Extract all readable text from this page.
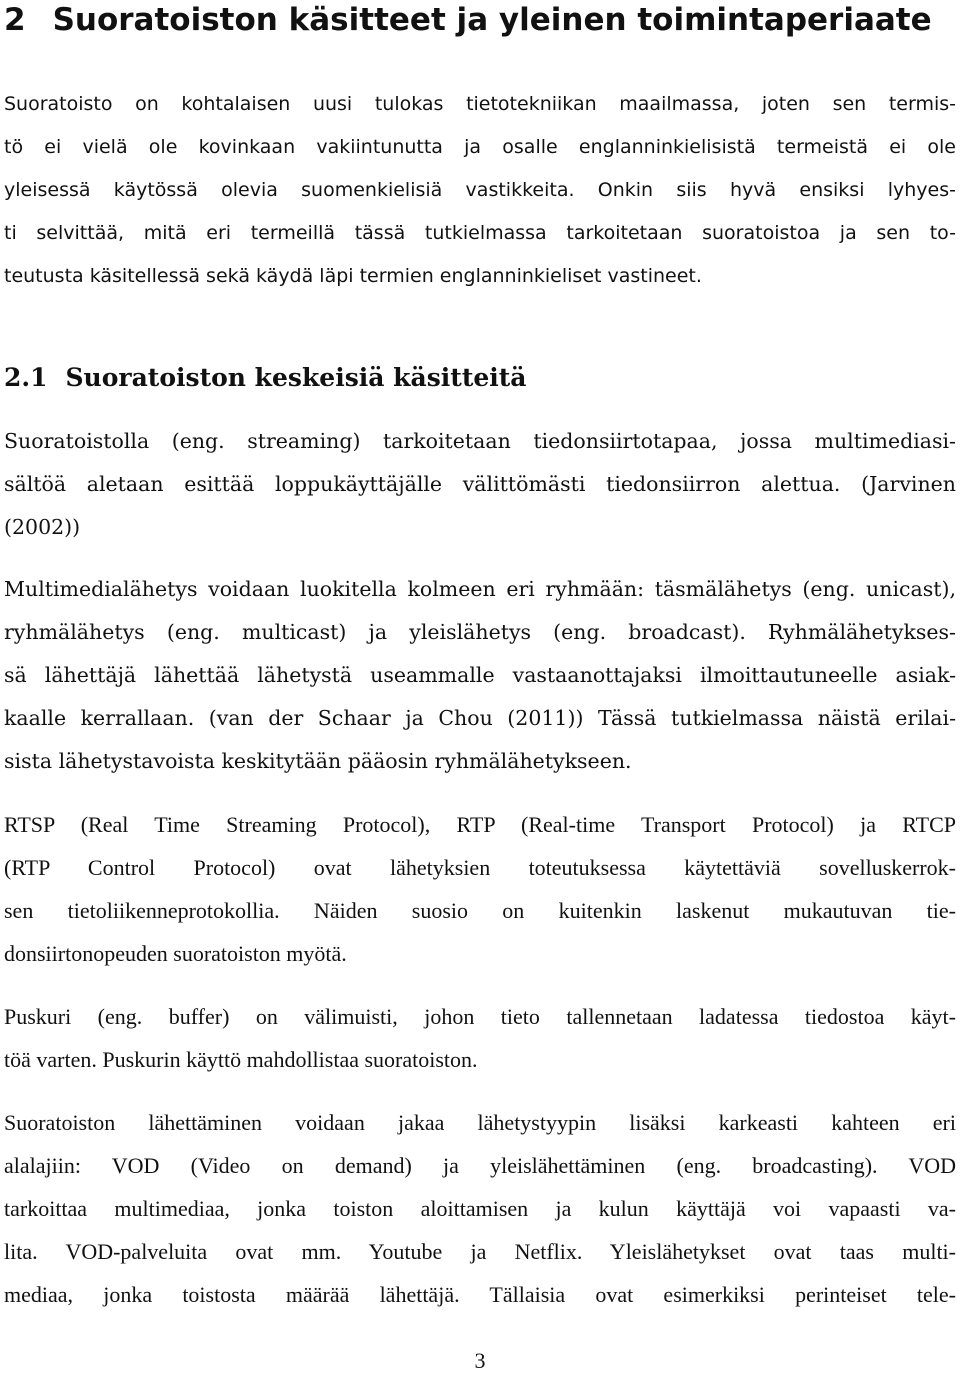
2 Suoratoiston käsitteet ja yleinen toimintaperiaate
Suoratoisto on kohtalaisen uusi tulokas tietotekniikan maailmassa, joten sen termis-
tö ei vielä ole kovinkaan vakiintunutta ja osalle englanninkielisistä termeistä ei ole
yleisessä käytössä olevia suomenkielisiä vastikkeita. Onkin siis hyvä ensiksi lyhyes-
ti selvittää, mitä eri termeillä tässä tutkielmassa tarkoitetaan suoratoistoa ja sen to-
teutusta käsitellessä sekä käydä läpi termien englanninkieliset vastineet.
2.1 Suoratoiston keskeisiä käsitteitä
Suoratoistolla (eng. streaming) tarkoitetaan tiedonsiirtotapaa, jossa multimediasi-
sältöä aletaan esittää loppukäyttäjälle välittömästi tiedonsiirron alettua. (Jarvinen
(2002))
Multimedialähetys voidaan luokitella kolmeen eri ryhmään: täsmälähetys (eng. unicast),
ryhmälähetys (eng. multicast) ja yleislähetys (eng. broadcast). Ryhmälähetykses-
sä lähettäjä lähettää lähetystä useammalle vastaanottajaksi ilmoittautuneelle asiak-
kaalle kerrallaan. (van der Schaar ja Chou (2011)) Tässä tutkielmassa näistä erilai-
sista lähetystavoista keskitytään pääosin ryhmälähetykseen.
RTSP (Real Time Streaming Protocol), RTP (Real-time Transport Protocol) ja RTCP
(RTP Control Protocol) ovat lähetyksien toteutuksessa käytettäviä sovelluskerrok-
sen tietoliikenneprotokollia. Näiden suosio on kuitenkin laskenut mukautuvan tie-
donsiirtonopeuden suoratoiston myötä.
Puskuri (eng. buffer) on välimuisti, johon tieto tallennetaan ladatessa tiedostoa käyt-
töä varten. Puskurin käyttö mahdollistaa suoratoiston.
Suoratoiston lähettäminen voidaan jakaa lähetystyypin lisäksi karkeasti kahteen eri
alalajiin: VOD (Video on demand) ja yleislähettäminen (eng. broadcasting). VOD
tarkoittaa multimediaa, jonka toiston aloittamisen ja kulun käyttäjä voi vapaasti va-
lita. VOD-palveluita ovat mm. Youtube ja Netflix. Yleislähetykset ovat taas multi-
mediaa, jonka toistosta määrää lähettäjä. Tällaisia ovat esimerkiksi perinteiset tele-
3
